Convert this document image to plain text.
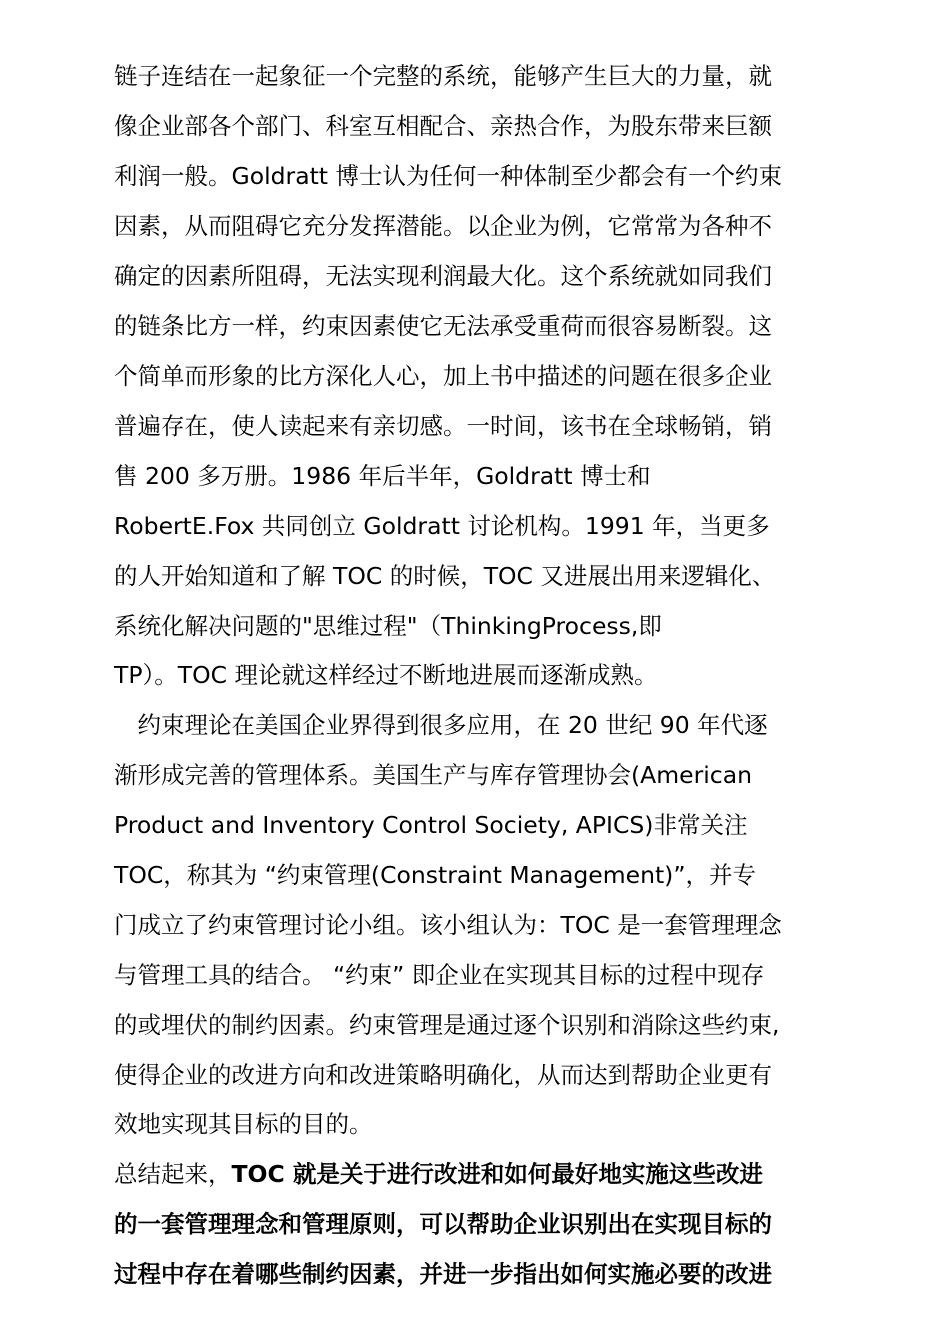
链子连结在一起象征一个完整的系统，能够产生巨大的力量，就
像企业部各个部门、科室互相配合、亲热合作，为股东带来巨额
利润一般。Goldratt 博士认为任何一种体制至少都会有一个约束
因素，从而阻碍它充分发挥潜能。以企业为例，它常常为各种不
确定的因素所阻碍，无法实现利润最大化。这个系统就如同我们
的链条比方一样，约束因素使它无法承受重荷而很容易断裂。这
个简单而形象的比方深化人心，加上书中描述的问题在很多企业
普遍存在，使人读起来有亲切感。一时间，该书在全球畅销，销
售 200 多万册。1986 年后半年，Goldratt 博士和
RobertE.Fox 共同创立 Goldratt 讨论机构。1991 年，当更多
的人开始知道和了解 TOC 的时候，TOC 又进展出用来逻辑化、
系统化解决问题的"思维过程"（ThinkingProcess,即
TP）。TOC 理论就这样经过不断地进展而逐渐成熟。
　约束理论在美国企业界得到很多应用，在 20 世纪 90 年代逐
渐形成完善的管理体系。美国生产与库存管理协会(American
Product and Inventory Control Society, APICS)非常关注
TOC，称其为 “约束管理(Constraint Management)”，并专
门成立了约束管理讨论小组。该小组认为：TOC 是一套管理理念
与管理工具的结合。 “约束” 即企业在实现其目标的过程中现存
的或埋伏的制约因素。约束管理是通过逐个识别和消除这些约束,
使得企业的改进方向和改进策略明确化，从而达到帮助企业更有
效地实现其目标的目的。
总结起来，TOC 就是关于进行改进和如何最好地实施这些改进
的一套管理理念和管理原则，可以帮助企业识别出在实现目标的
过程中存在着哪些制约因素，并进一步指出如何实施必要的改进
